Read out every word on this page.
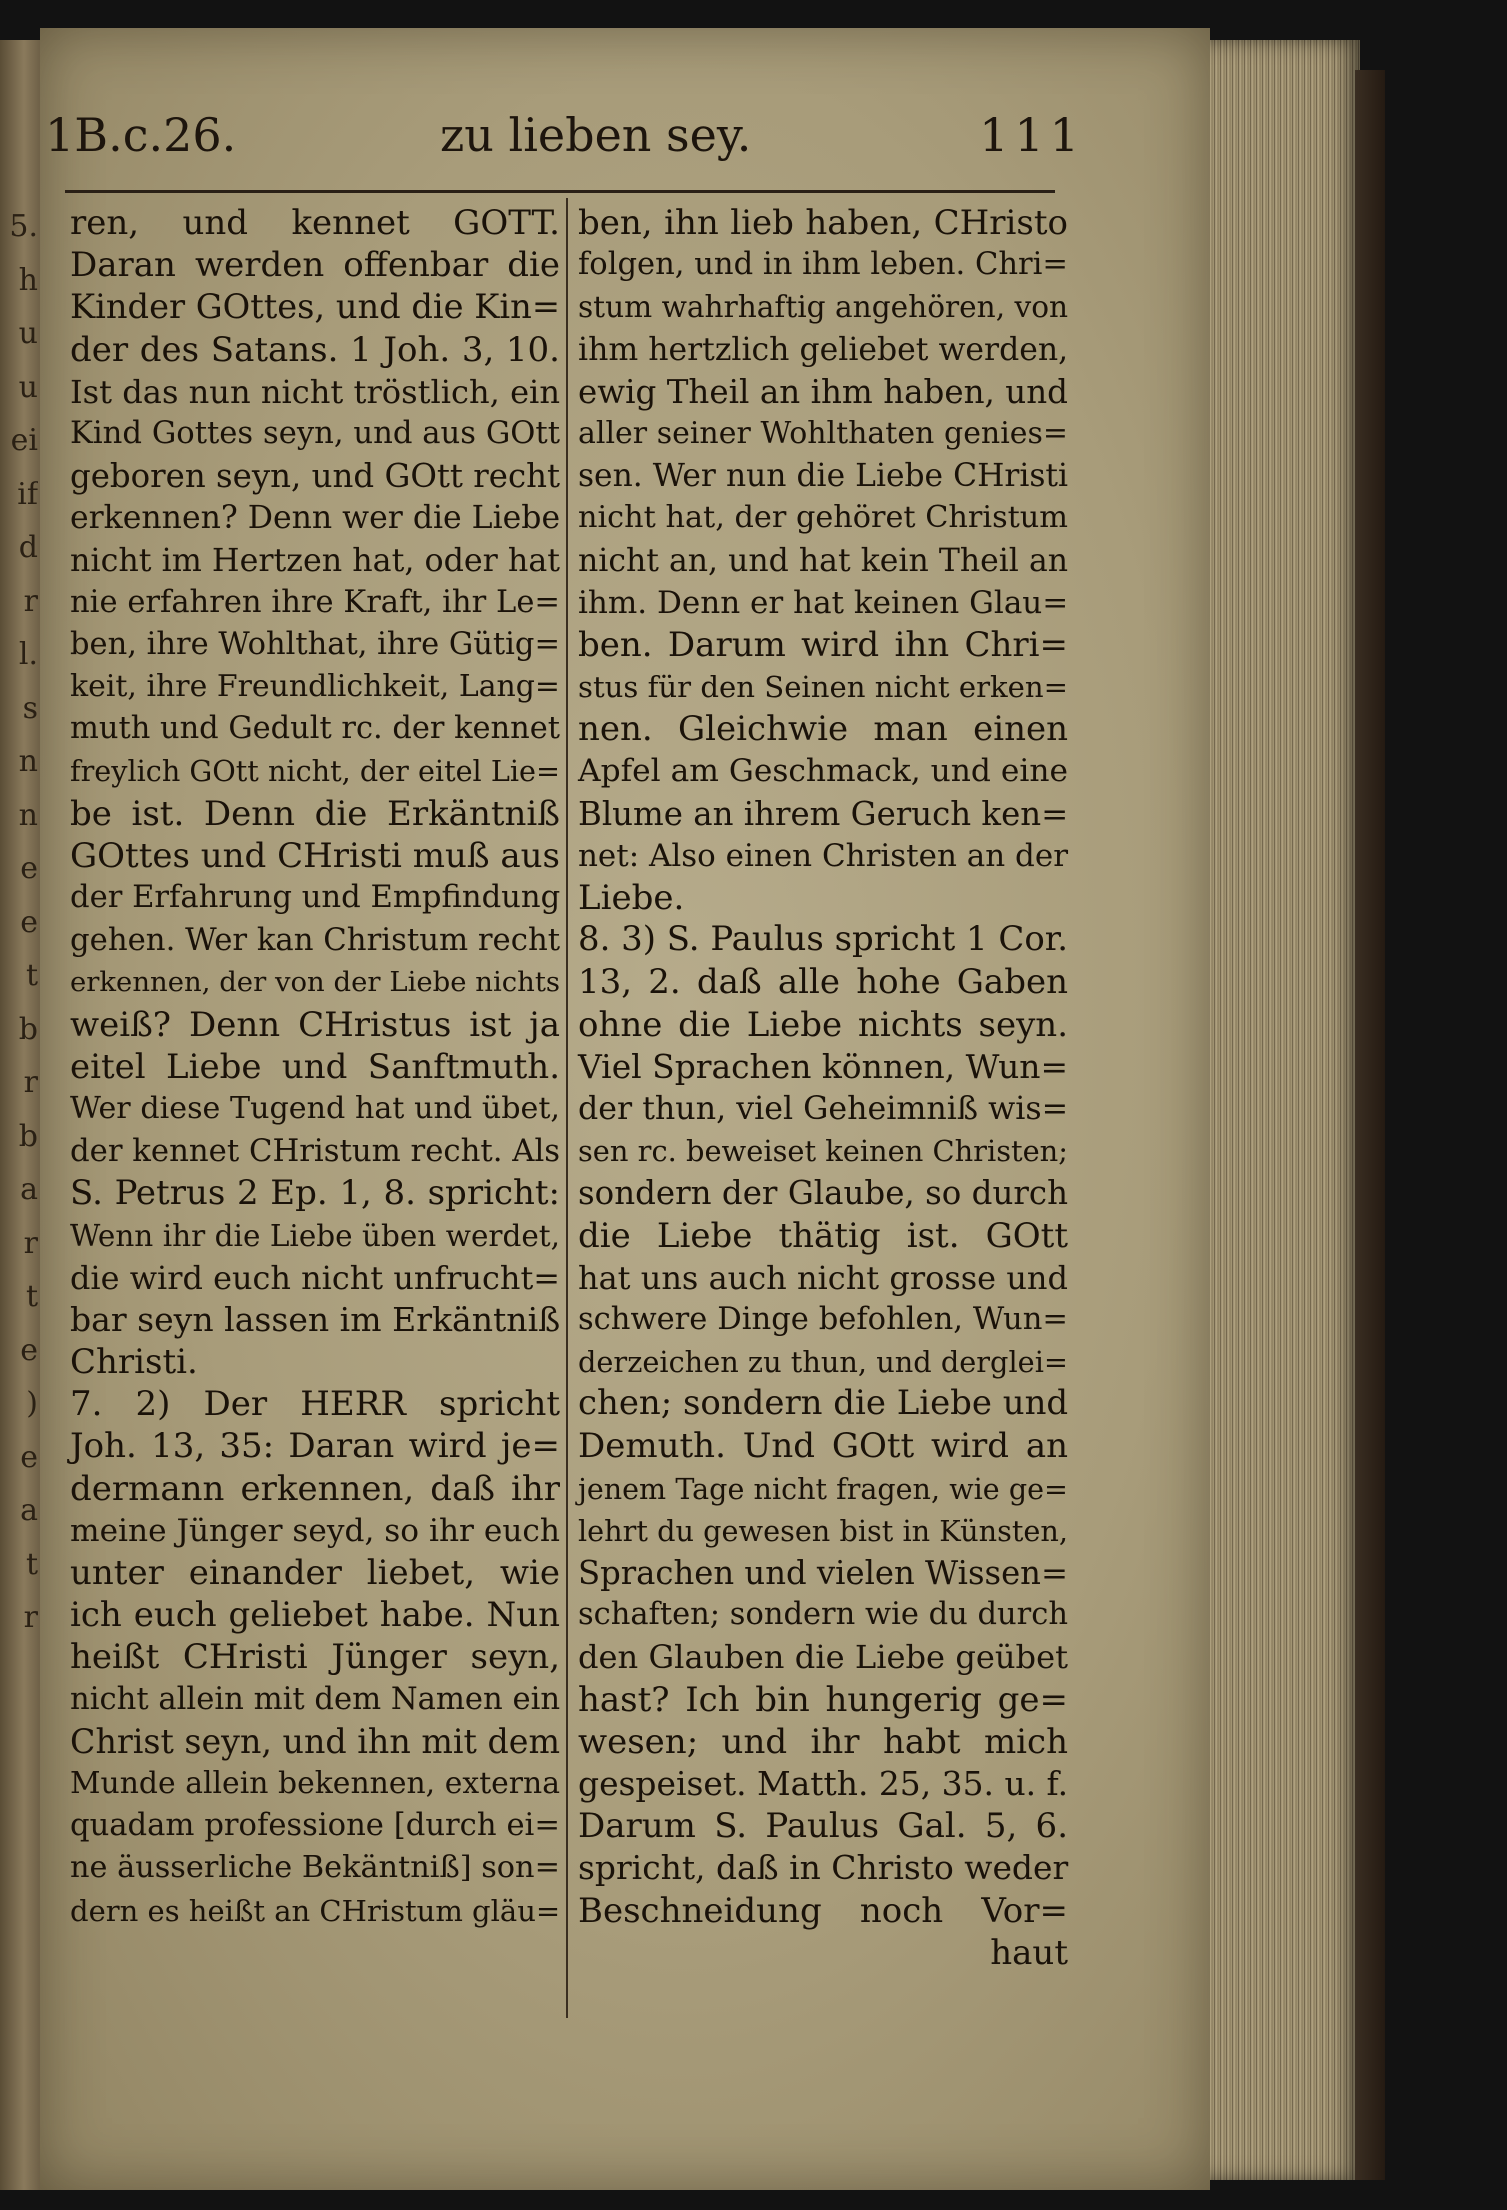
5.
h
u
u
ei
if
d
r
l.
s
n
n
e
e
t
b
r
b
a
r
t
e
)
e
a
t
r
1B.c.26.	zu lieben sey.	111
ren, und kennet GOTT.
Daran werden offenbar die
Kinder GOttes, und die Kin=
der des Satans. 1 Joh. 3, 10.
Ist das nun nicht tröstlich, ein
Kind Gottes seyn, und aus GOtt
geboren seyn, und GOtt recht
erkennen? Denn wer die Liebe
nicht im Hertzen hat, oder hat
nie erfahren ihre Kraft, ihr Le=
ben, ihre Wohlthat, ihre Gütig=
keit, ihre Freundlichkeit, Lang=
muth und Gedult rc. der kennet
freylich GOtt nicht, der eitel Lie=
be ist. Denn die Erkäntniß
GOttes und CHristi muß aus
der Erfahrung und Empfindung
gehen. Wer kan Christum recht
erkennen, der von der Liebe nichts
weiß? Denn CHristus ist ja
eitel Liebe und Sanftmuth.
Wer diese Tugend hat und übet,
der kennet CHristum recht. Als
S. Petrus 2 Ep. 1, 8. spricht:
Wenn ihr die Liebe üben werdet,
die wird euch nicht unfrucht=
bar seyn lassen im Erkäntniß
Christi.
7. 2) Der HERR spricht
Joh. 13, 35: Daran wird je=
dermann erkennen, daß ihr
meine Jünger seyd, so ihr euch
unter einander liebet, wie
ich euch geliebet habe. Nun
heißt CHristi Jünger seyn,
nicht allein mit dem Namen ein
Christ seyn, und ihn mit dem
Munde allein bekennen, externa
quadam professione [durch ei=
ne äusserliche Bekäntniß] son=
dern es heißt an CHristum gläu=
ben, ihn lieb haben, CHristo
folgen, und in ihm leben. Chri=
stum wahrhaftig angehören, von
ihm hertzlich geliebet werden,
ewig Theil an ihm haben, und
aller seiner Wohlthaten genies=
sen. Wer nun die Liebe CHristi
nicht hat, der gehöret Christum
nicht an, und hat kein Theil an
ihm. Denn er hat keinen Glau=
ben. Darum wird ihn Chri=
stus für den Seinen nicht erken=
nen. Gleichwie man einen
Apfel am Geschmack, und eine
Blume an ihrem Geruch ken=
net: Also einen Christen an der
Liebe.
8. 3) S. Paulus spricht 1 Cor.
13, 2. daß alle hohe Gaben
ohne die Liebe nichts seyn.
Viel Sprachen können, Wun=
der thun, viel Geheimniß wis=
sen rc. beweiset keinen Christen;
sondern der Glaube, so durch
die Liebe thätig ist. GOtt
hat uns auch nicht grosse und
schwere Dinge befohlen, Wun=
derzeichen zu thun, und derglei=
chen; sondern die Liebe und
Demuth. Und GOtt wird an
jenem Tage nicht fragen, wie ge=
lehrt du gewesen bist in Künsten,
Sprachen und vielen Wissen=
schaften; sondern wie du durch
den Glauben die Liebe geübet
hast? Ich bin hungerig ge=
wesen; und ihr habt mich
gespeiset. Matth. 25, 35. u. f.
Darum S. Paulus Gal. 5, 6.
spricht, daß in Christo weder
Beschneidung noch Vor=
haut
